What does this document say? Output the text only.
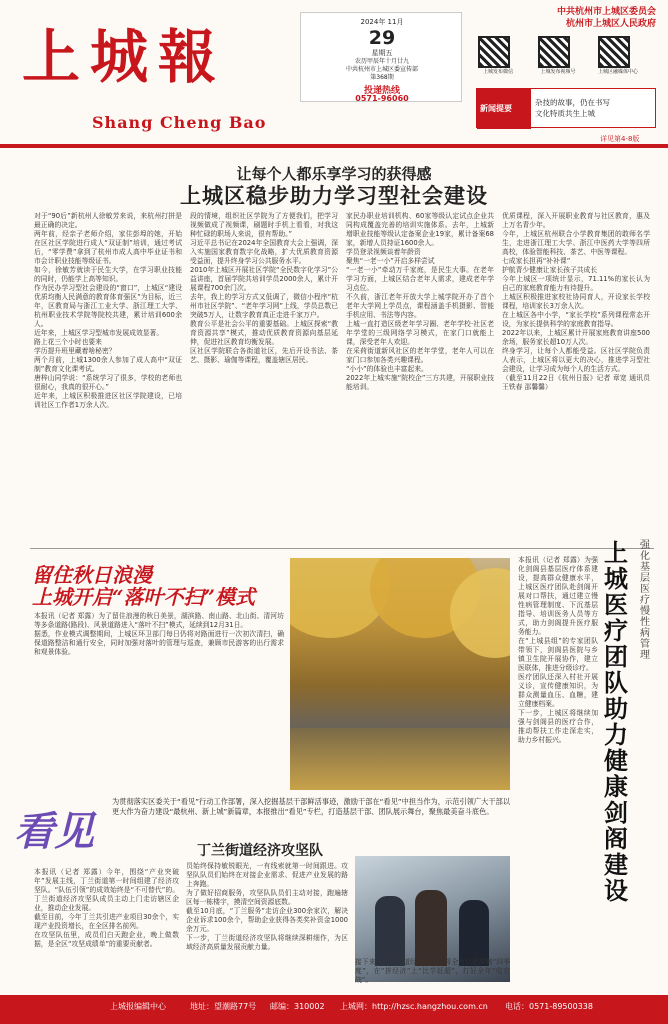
上城報
Shang Cheng Bao
2024年 11月
29
星期五
农历甲辰年十月廿九
中共杭州市上城区委宣传部
第368期
投递热线
0571-96060
中共杭州市上城区委员会
杭州市上城区人民政府
上城发布微信	上城发布视频号	上城区融媒体中心
新闻提要
杂技的故事，仍在书写
文化特质共生上城
详见第4-8版
让每个人都乐享学习的获得感
上城区稳步助力学习型社会建设
对于“90后”新杭州人徐敏芳来说，来杭州打拼是最正确的决定。
两年前，经亲子老师介绍，家住彭埠的她，开始在区社区学院进行成人“双证制”培训，通过考试后，“零学费”拿到了杭州市成人高中毕业证书和市会计职业技能等级证书。
如今，徐敏芳就读于民生大学，在学习职业技能的同时，仍能学上高等知识。
作为民办学习型社会建设的“窗口”，上城区“建设优质均衡人民满意的教育体育强区”为目标，近三年，区教育局与浙江工业大学、浙江理工大学、杭州职业技术学院等院校共建，累计培训600余人。
近年来，上城区学习型城市发展成效显著。
路上花三个小时也要来
学历提升班里藏着啥秘密？
两个月前，上城1300余人参加了成人高中“双证制”教育文化课考试。
唐梓山同学说：“系统学习了很多，学校的老师也很耐心，我真的很开心。”
近年来，上城区积极推进区社区学院建设，已培训社区工作者1万余人次。
段的情境，组织社区学院为了方便我们，把学习视频做成了视频课，刷题时手机上看看，对我这种忙碌的职场人来说，很有帮助。”
习近平总书记在2024年全国教育大会上强调，深入实施国家教育数字化战略，扩大优质教育资源受益面，提升终身学习公共服务水平。
2010年上城区开展社区学院“全民数字化学习”公益讲座，首届学院共培训学员2000余人，累计开展课程700余门次。
去年，我上的学习方式又低调了，微信小程序“杭州市社区学院”、“老年学习网”上线，学员总数已突破5万人，让数字教育真正走进千家万户。
教育公平是社会公平的重要基础。上城区探索“教育资源共享”模式，推动优质教育资源向基层延伸，促进社区教育均衡发展。
区社区学院联合各街道社区，先后开设书法、茶艺、摄影、瑜伽等课程，覆盖辖区居民。
家民办职业培训机构、60家等级认定试点企业共同构成覆盖完善的培训实施体系。去年，上城新增职业技能等级认定备案企业19家，累计备案68家，新增人员持证1600余人。
学员登录视频谈着年龄资
聚焦“一老一小”开启多样尝试
“一老一小”牵动万千家庭，是民生大事。在老年学习方面，上城区结合老年人需求，建成老年学习点位。
不久前，浙江老年开放大学上城学院开办了首个老年大学网上学员点，课程涵盖手机摄影、智能手机应用、书法等内容。
上城一直打造区级老年学习圈、老年学校·社区老年学堂的三级网络学习模式，在家门口就能上课，深受老年人欢迎。
在采荷街道新风社区的老年学堂，老年人可以在家门口参加各类兴趣课程。
“小小”的体验也丰富起来。
2022年上城实施“院校企”三方共建，开展职业技能培训。
优质课程，深入开展职业教育与社区教育，惠及上万名青少年。
今年，上城区杭州联合小学教育集团的敢师名学生，走进浙江理工大学、浙江中医药大学等四所高校，体验智能科技、茶艺、中医等课程。
七成家长担再“补补课”
护航青少健康让家长孩子共成长
今年上城区一项统计显示，71.11%的家长认为自己的家庭教育能力有待提升。
上城区积极推进家校社协同育人，开设家长学校课程，培训家长3万余人次。
在上城区各中小学，“家长学校”系列课程常态开设，为家长提供科学的家庭教育指导。
2022年以来，上城区累计开展家庭教育讲座500余场，服务家长超10万人次。
终身学习，让每个人都能受益。区社区学院负责人表示，上城区将以更大的决心，推进学习型社会建设，让学习成为每个人的生活方式。
（截至11月22日《杭州日报》记者 章宽 通讯员 王铁春 邵馨馨）
留住秋日浪漫
上城开启“落叶不扫”模式
本报讯（记者 郑露）为了留住浪漫的秋日美景，湖滨路、南山路、北山街、清河坊等多条道路(路段)、风景道路进入“落叶不扫”模式，延续到12月31日。
据悉，作业模式调整期间，上城区环卫部门每日仍将对路面进行一次初次清扫，确保道路整洁和通行安全，同时加强对落叶的管理与巡查，兼顾市民游客的出行需求和观景体验。
本报讯（记者 郑露）为强化剑阁县基层医疗体系建设，提高群众健康水平，上城区医疗团队赴剑阁开展对口帮扶，通过建立慢性病管理制度、下沉基层指导、培训医务人员等方式，助力剑阁提升医疗服务能力。
在“上城县组”的专家团队带领下，剑阁县医院与乡镇卫生院开展协作，建立医联体，推进分级诊疗。
医疗团队还深入村社开展义诊，宣传健康知识，为群众测量血压、血糖，建立健康档案。
下一步，上城区将继续加强与剑阁县的医疗合作，推动帮扶工作走深走实，助力乡村振兴。
上城医疗团队助力健康剑阁建设
强化基层医疗慢性病管理
看见
为贯彻落实区委关于“看见”行动工作部署，深入挖掘基层干部鲜活事迹，激励干部在“看见”中担当作为，示范引领广大干部以更大作为奋力建设“最杭州、新上城”新篇章，本报推出“看见”专栏，打造基层干部、团队展示舞台，聚焦最美奋斗底色。
丁兰街道经济攻坚队
本报讯（记者 郑露）今年，围绕“产业突破年”发展主线，丁兰街道第一时间组建了经济攻坚队。“队伍引领”的成效始终是“不可替代”的。丁兰街道经济攻坚队成员主动上门走访辖区企业，推动企业发展。
截至目前，今年丁兰共引进产业项目30余个，实现产业投资增长，在全区排名前列。
在攻坚队伍里，成员们白天跑企业，晚上做数据，是全区“攻坚成绩单”的重要贡献者。
员始终保持敏锐眼光，一有线索就第一时间跟进。攻坚队队员们始终在对接企业需求、促进产业发展的路上奔跑。
为了做好招商服务，攻坚队队员们主动对接，跑遍辖区每一栋楼宇，摸清空间资源底数。
截至10月底，“丁兰服务”走访企业300余家次，解决企业诉求100余个，帮助企业获得各类奖补资金1000余万元。
下一步，丁兰街道经济攻坚队将继续深耕细作，为区域经济高质量发展贡献力量。
接下来，丁兰街道经济攻坚队将全力以赴冲刺“四季度”，在“拼经济”上“比学赶超”，打好全年“收官战”。
上城报编辑中心	地址：望潮路77号 邮编：310002 上城网：http://hzsc.hangzhou.com.cn 电话：0571-89500338
